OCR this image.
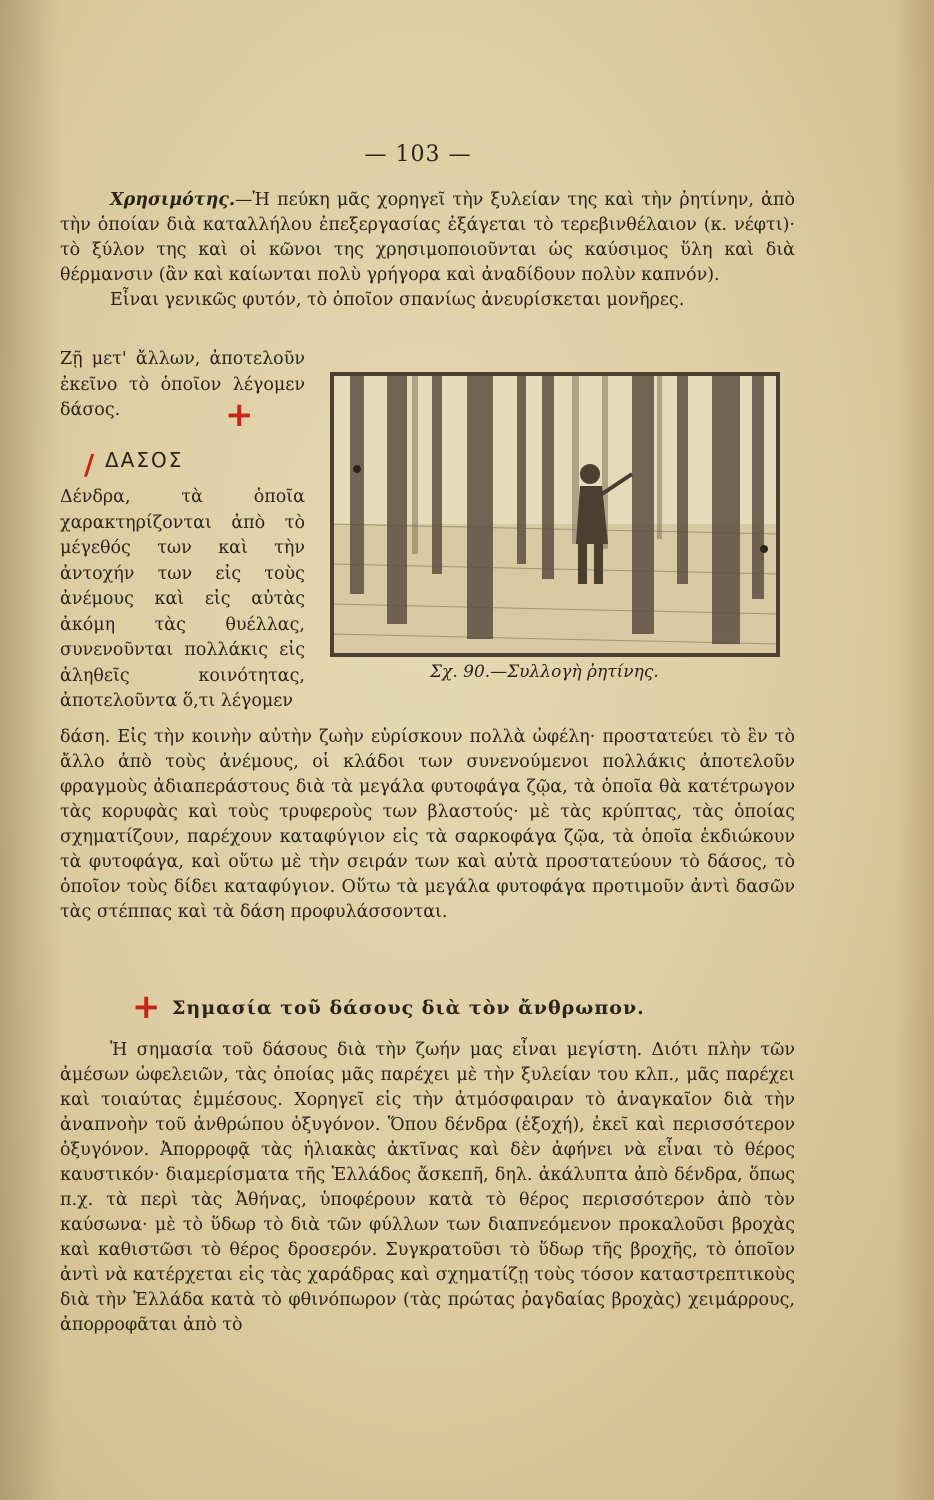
— 103 —

Χρησιμότης.—Ἡ πεύκη μᾶς χορηγεῖ τὴν ξυλείαν της καὶ τὴν ῥητίνην, ἀπὸ τὴν ὁποίαν διὰ καταλλήλου ἐπεξεργασίας ἐξάγεται τὸ τερεβινθέλαιον (κ. νέφτι)· τὸ ξύλον της καὶ οἱ κῶνοι της χρησιμοποιοῦνται ὡς καύσιμος ὕλη καὶ διὰ θέρμανσιν (ἂν καὶ καίωνται πολὺ γρήγορα καὶ ἀναδίδουν πολὺν καπνόν).

Εἶναι γενικῶς φυτόν, τὸ ὁποῖον σπανίως ἀνευρίσκεται μονῆρες.

Ζῇ μετ' ἄλλων, ἀποτελοῦν ἐκεῖνο τὸ ὁποῖον λέγομεν δάσος.	+
/ ΔΑΣΟΣ
Δένδρα, τὰ ὁποῖα χαρακτηρίζονται ἀπὸ τὸ μέγεθός των καὶ τὴν ἀντοχήν των εἰς τοὺς ἀνέμους καὶ εἰς αὐτὰς ἀκόμη τὰς θυέλλας, συνενοῦνται πολλάκις εἰς ἀληθεῖς κοινότητας, ἀποτελοῦντα ὅ,τι λέγομεν
Σχ. 90.—Συλλογὴ ῥητίνης.
δάση. Εἰς τὴν κοινὴν αὐτὴν ζωὴν εὑρίσκουν πολλὰ ὠφέλη· προστατεύει τὸ ἓν τὸ ἄλλο ἀπὸ τοὺς ἀνέμους, οἱ κλάδοι των συνενούμενοι πολλάκις ἀποτελοῦν φραγμοὺς ἀδιαπεράστους διὰ τὰ μεγάλα φυτοφάγα ζῷα, τὰ ὁποῖα θὰ κατέτρωγον τὰς κορυφὰς καὶ τοὺς τρυφεροὺς των βλαστούς· μὲ τὰς κρύπτας, τὰς ὁποίας σχηματίζουν, παρέχουν καταφύγιον εἰς τὰ σαρκοφάγα ζῷα, τὰ ὁποῖα ἐκδιώκουν τὰ φυτοφάγα, καὶ οὕτω μὲ τὴν σειράν των καὶ αὐτὰ προστατεύουν τὸ δάσος, τὸ ὁποῖον τοὺς δίδει καταφύγιον. Οὕτω τὰ μεγάλα φυτοφάγα προτιμοῦν ἀντὶ δασῶν τὰς στέππας καὶ τὰ δάση προφυλάσσονται.
+ Σημασία τοῦ δάσους διὰ τὸν ἄνθρωπον.

Ἡ σημασία τοῦ δάσους διὰ τὴν ζωήν μας εἶναι μεγίστη. Διότι πλὴν τῶν ἀμέσων ὠφελειῶν, τὰς ὁποίας μᾶς παρέχει μὲ τὴν ξυλείαν του κλπ., μᾶς παρέχει καὶ τοιαύτας ἐμμέσους. Χορηγεῖ εἰς τὴν ἀτμόσφαιραν τὸ ἀναγκαῖον διὰ τὴν ἀναπνοὴν τοῦ ἀνθρώπου ὀξυγόνον. Ὅπου δένδρα (ἐξοχή), ἐκεῖ καὶ περισσότερον ὀξυγόνον. Ἀπορροφᾷ τὰς ἡλιακὰς ἀκτῖνας καὶ δὲν ἀφήνει νὰ εἶναι τὸ θέρος καυστικόν· διαμερίσματα τῆς Ἑλλάδος ἄσκεπῆ, δηλ. ἀκάλυπτα ἀπὸ δένδρα, ὅπως π.χ. τὰ περὶ τὰς Ἀθήνας, ὑποφέρουν κατὰ τὸ θέρος περισσότερον ἀπὸ τὸν καύσωνα· μὲ τὸ ὕδωρ τὸ διὰ τῶν φύλλων των διαπνεόμενον προκαλοῦσι βροχὰς καὶ καθιστῶσι τὸ θέρος δροσερόν. Συγκρατοῦσι τὸ ὕδωρ τῆς βροχῆς, τὸ ὁποῖον ἀντὶ νὰ κατέρχεται εἰς τὰς χαράδρας καὶ σχηματίζῃ τοὺς τόσον καταστρεπτικοὺς διὰ τὴν Ἑλλάδα κατὰ τὸ φθινόπωρον (τὰς πρώτας ῥαγδαίας βροχὰς) χειμάρρους, ἀπορροφᾶται ἀπὸ τὸ
